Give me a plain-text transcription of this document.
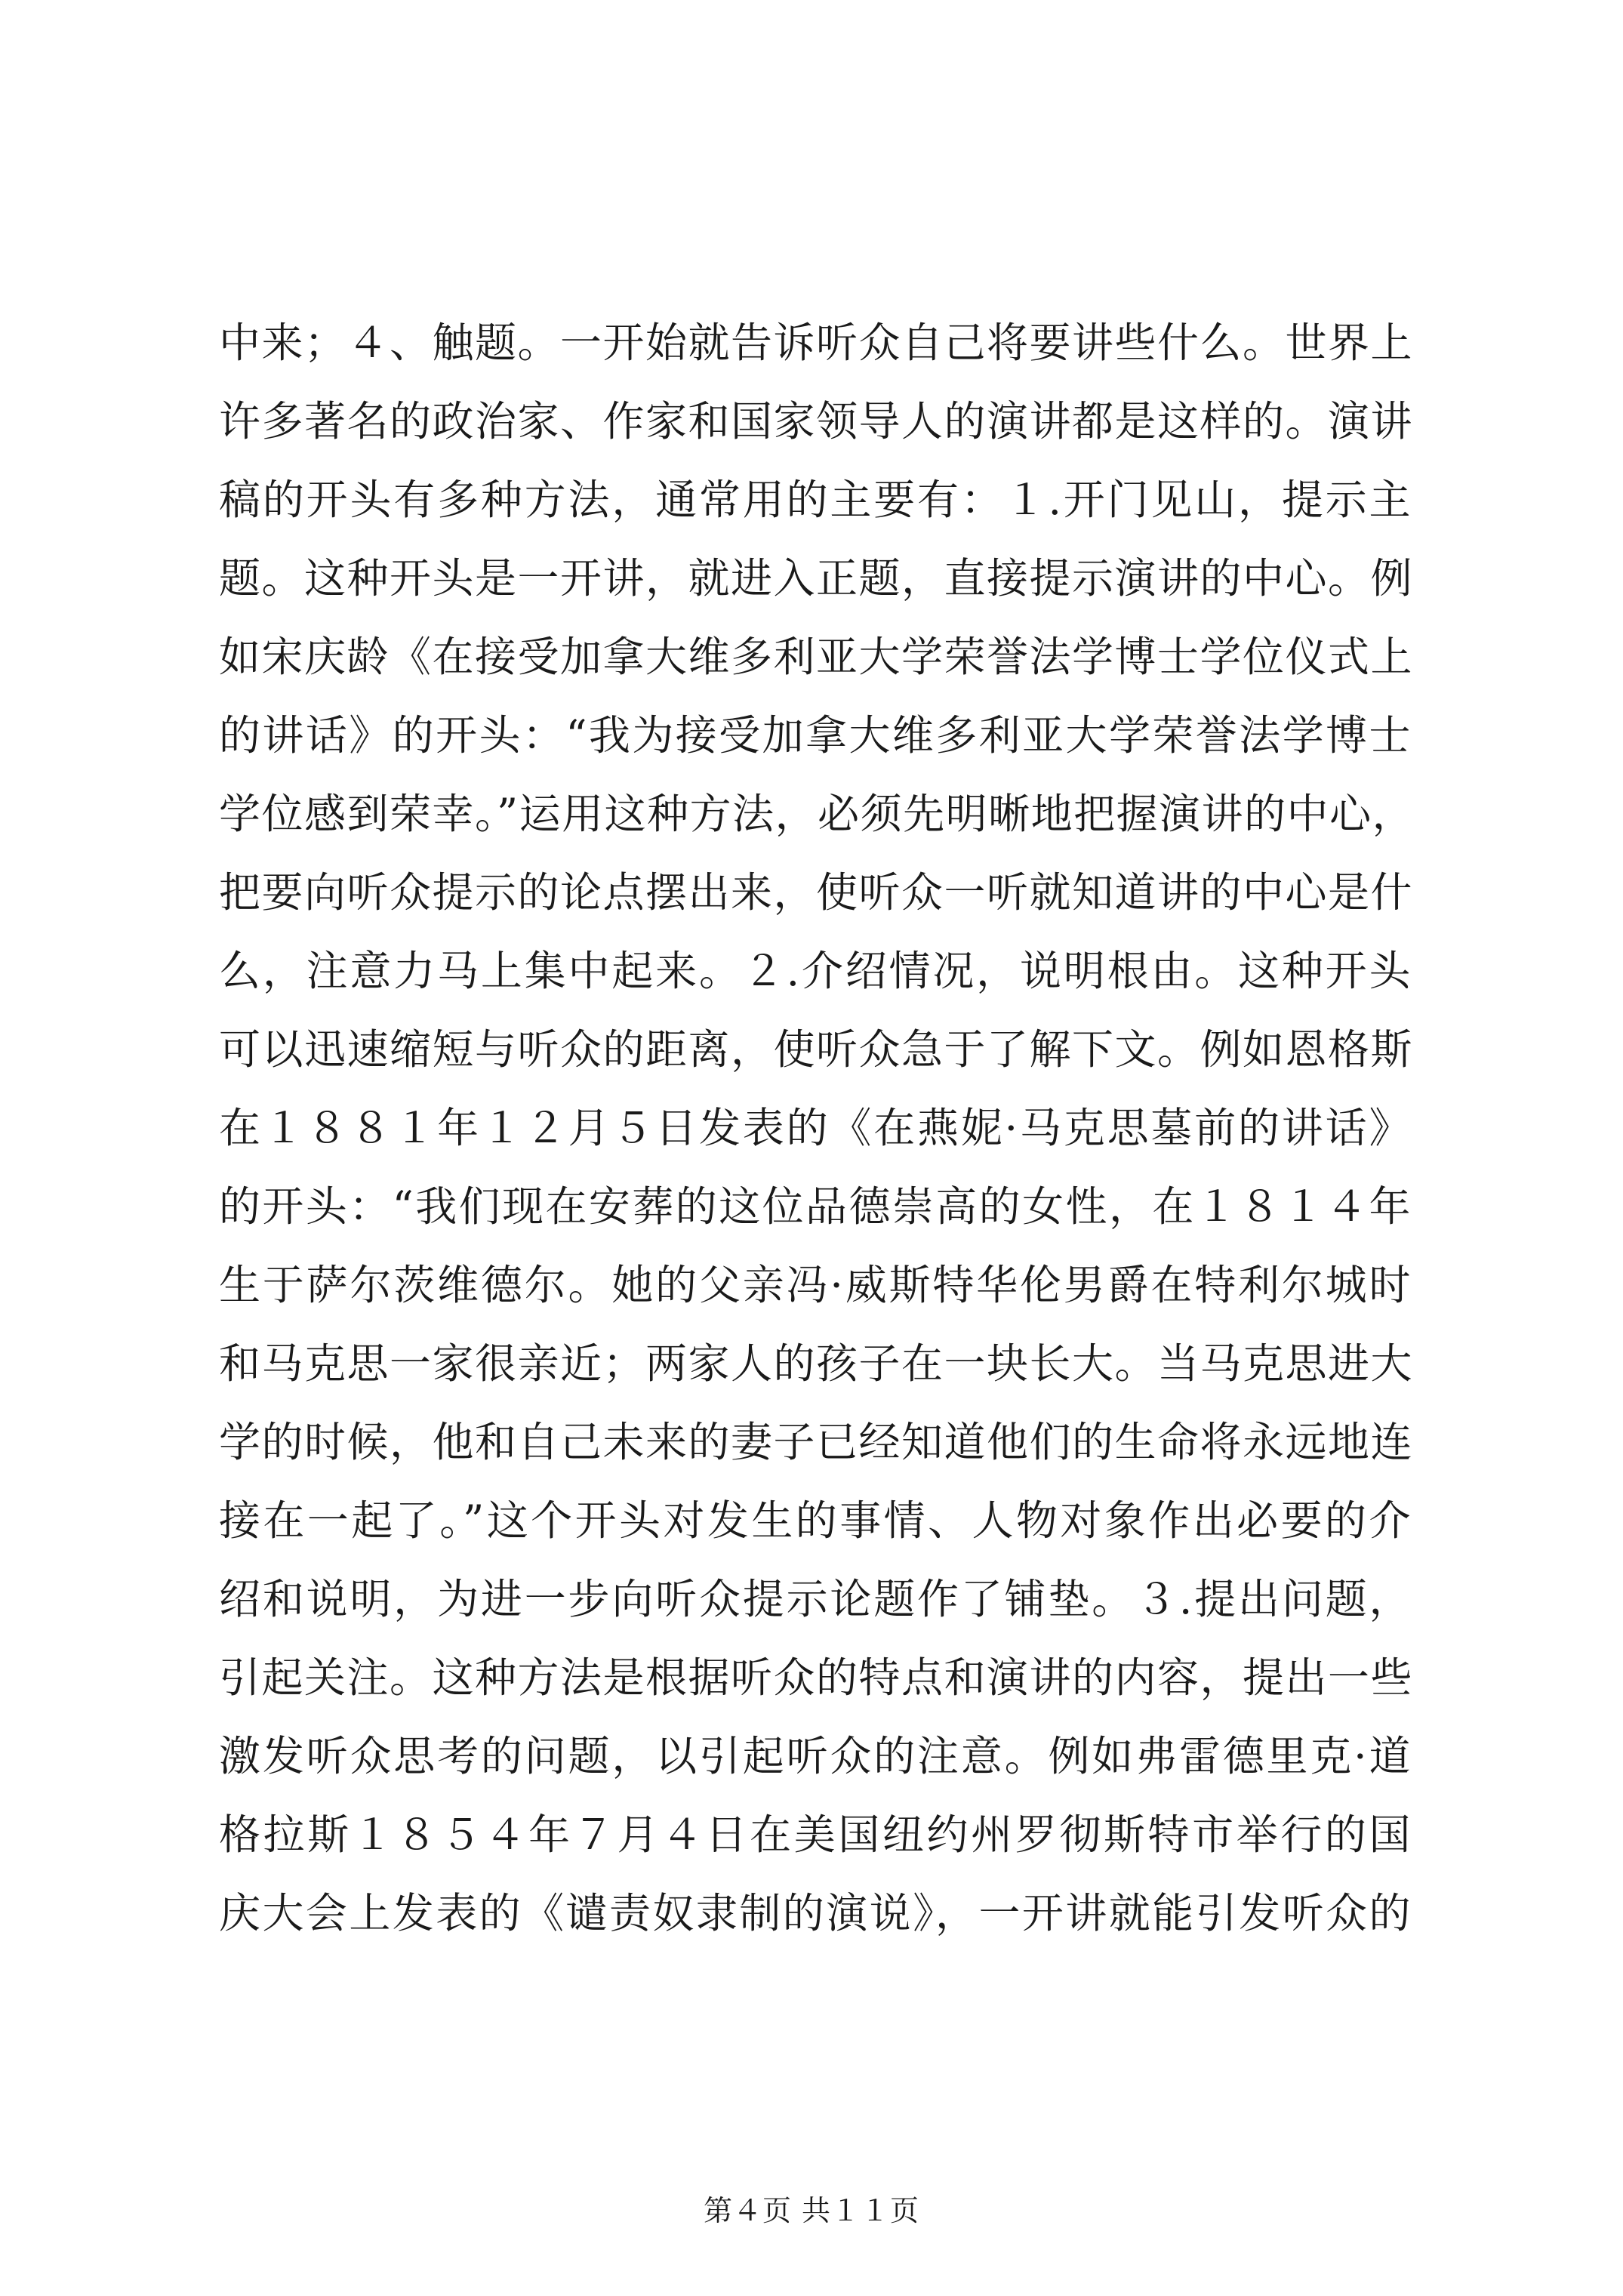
中来；４、触题。一开始就告诉听众自己将要讲些什么。世界上
许多著名的政治家、作家和国家领导人的演讲都是这样的。演讲
稿的开头有多种方法，通常用的主要有：１.开门见山，提示主
题。这种开头是一开讲，就进入正题，直接提示演讲的中心。例
如宋庆龄《在接受加拿大维多利亚大学荣誉法学博士学位仪式上
的讲话》的开头：“我为接受加拿大维多利亚大学荣誉法学博士
学位感到荣幸。”运用这种方法，必须先明晰地把握演讲的中心，
把要向听众提示的论点摆出来，使听众一听就知道讲的中心是什
么，注意力马上集中起来。２.介绍情况，说明根由。这种开头
可以迅速缩短与听众的距离，使听众急于了解下文。例如恩格斯
在１８８１年１２月５日发表的《在燕妮·马克思墓前的讲话》
的开头：“我们现在安葬的这位品德崇高的女性，在１８１４年
生于萨尔茨维德尔。她的父亲冯·威斯特华伦男爵在特利尔城时
和马克思一家很亲近；两家人的孩子在一块长大。当马克思进大
学的时候，他和自己未来的妻子已经知道他们的生命将永远地连
接在一起了。”这个开头对发生的事情、人物对象作出必要的介
绍和说明，为进一步向听众提示论题作了铺垫。３.提出问题，
引起关注。这种方法是根据听众的特点和演讲的内容，提出一些
激发听众思考的问题，以引起听众的注意。例如弗雷德里克·道
格拉斯１８５４年７月４日在美国纽约州罗彻斯特市举行的国
庆大会上发表的《谴责奴隶制的演说》，一开讲就能引发听众的
第４页 共１１页
